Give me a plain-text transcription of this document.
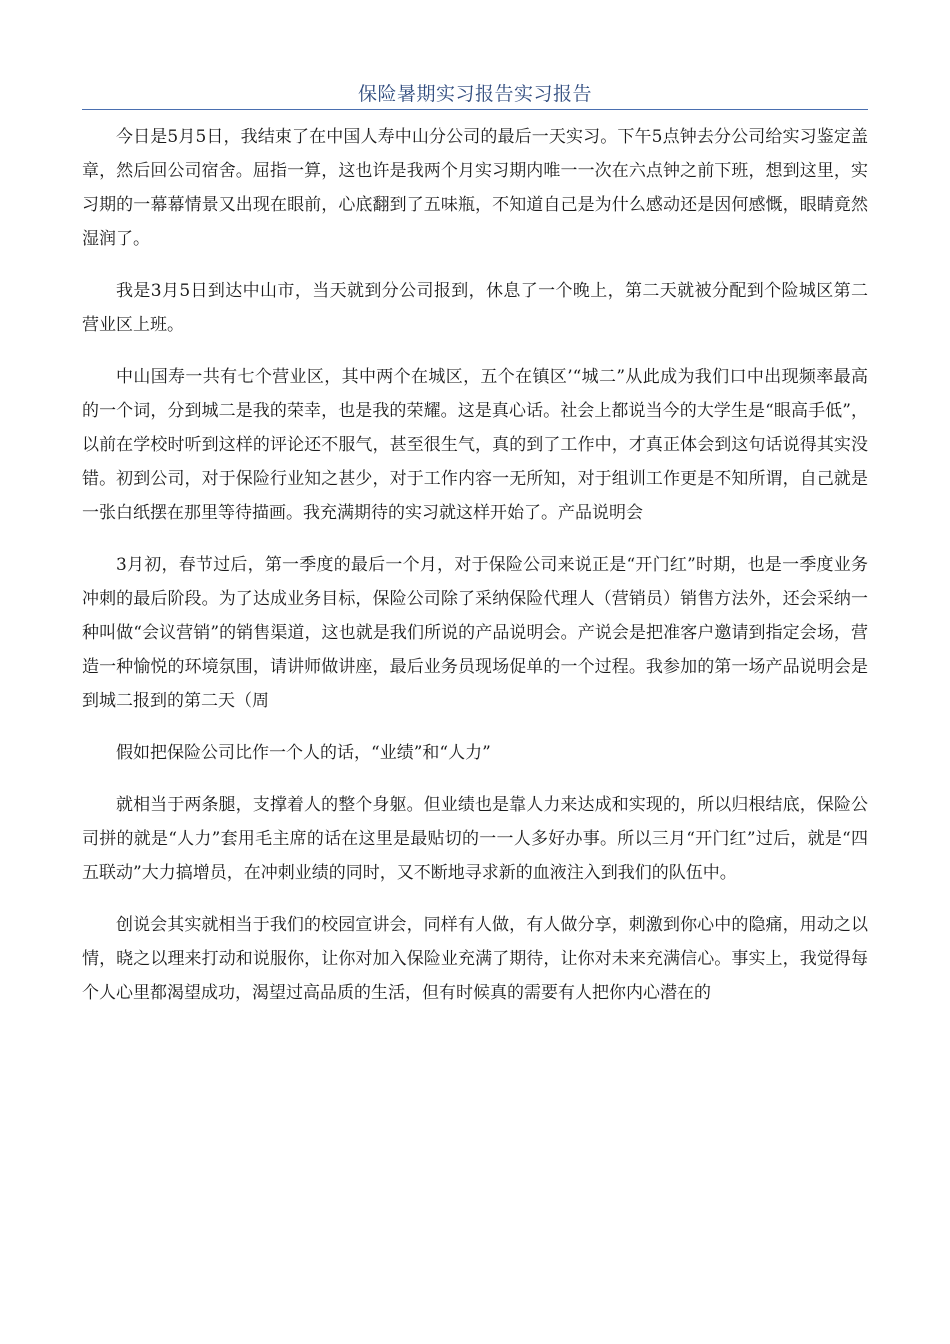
保险暑期实习报告实习报告

今日是5月5日，我结束了在中国人寿中山分公司的最后一天实习。下午5点钟去分公司给实习鉴定盖章，然后回公司宿舍。屈指一算，这也许是我两个月实习期内唯一一次在六点钟之前下班，想到这里，实习期的一幕幕情景又出现在眼前，心底翻到了五味瓶，不知道自己是为什么感动还是因何感慨，眼睛竟然湿润了。

我是3月5日到达中山市，当天就到分公司报到，休息了一个晚上，第二天就被分配到个险城区第二营业区上班。

中山国寿一共有七个营业区，其中两个在城区，五个在镇区’“城二”从此成为我们口中出现频率最高的一个词，分到城二是我的荣幸，也是我的荣耀。这是真心话。社会上都说当今的大学生是“眼高手低”，以前在学校时听到这样的评论还不服气，甚至很生气，真的到了工作中，才真正体会到这句话说得其实没错。初到公司，对于保险行业知之甚少，对于工作内容一无所知，对于组训工作更是不知所谓，自己就是一张白纸摆在那里等待描画。我充满期待的实习就这样开始了。产品说明会

3月初，春节过后，第一季度的最后一个月，对于保险公司来说正是“开门红”时期，也是一季度业务冲刺的最后阶段。为了达成业务目标，保险公司除了采纳保险代理人（营销员）销售方法外，还会采纳一种叫做“会议营销”的销售渠道，这也就是我们所说的产品说明会。产说会是把准客户邀请到指定会场，营造一种愉悦的环境氛围，请讲师做讲座，最后业务员现场促单的一个过程。我参加的第一场产品说明会是到城二报到的第二天（周

假如把保险公司比作一个人的话，“业绩”和“人力”

就相当于两条腿，支撑着人的整个身躯。但业绩也是靠人力来达成和实现的，所以归根结底，保险公司拼的就是“人力”套用毛主席的话在这里是最贴切的一一人多好办事。所以三月“开门红”过后，就是“四五联动”大力搞增员，在冲刺业绩的同时，又不断地寻求新的血液注入到我们的队伍中。

创说会其实就相当于我们的校园宣讲会，同样有人做，有人做分享，刺激到你心中的隐痛，用动之以情，晓之以理来打动和说服你，让你对加入保险业充满了期待，让你对未来充满信心。事实上，我觉得每个人心里都渴望成功，渴望过高品质的生活，但有时候真的需要有人把你内心潜在的
